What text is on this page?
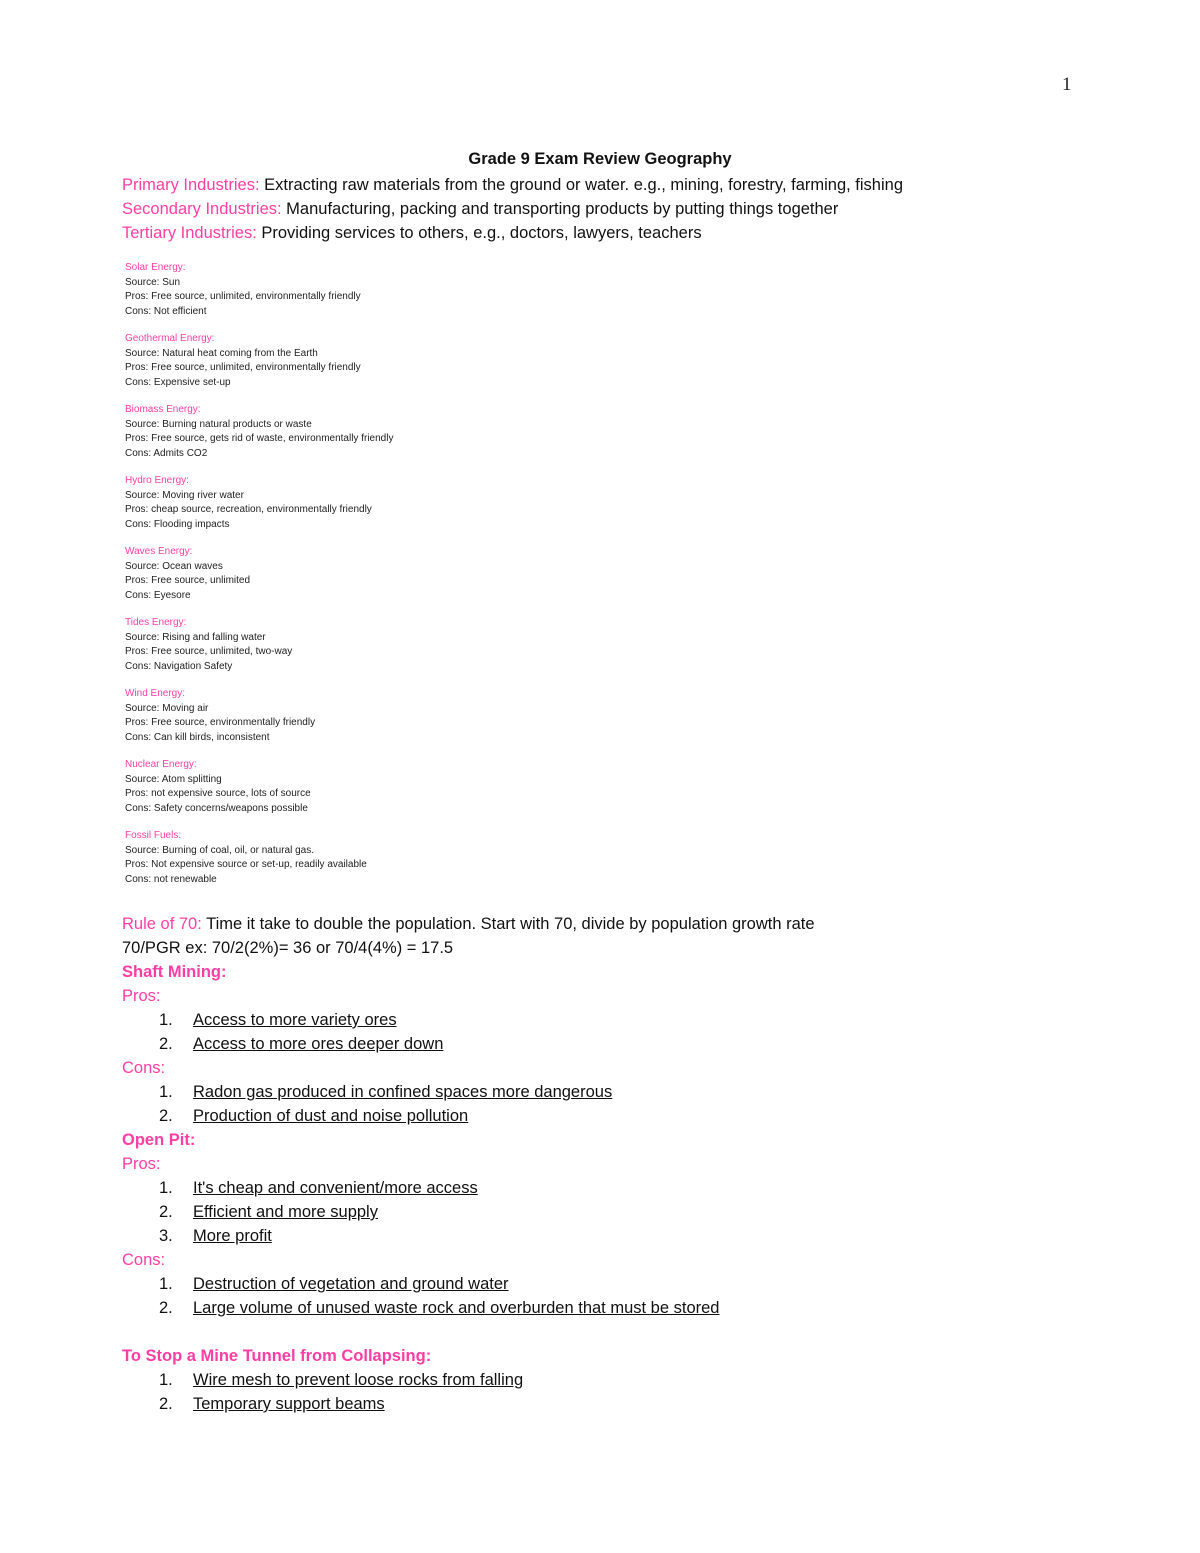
1
Grade 9 Exam Review Geography
Primary Industries: Extracting raw materials from the ground or water. e.g., mining, forestry, farming, fishing
Secondary Industries: Manufacturing, packing and transporting products by putting things together
Tertiary Industries: Providing services to others, e.g., doctors, lawyers, teachers
Solar Energy:
Source: Sun
Pros: Free source, unlimited, environmentally friendly
Cons: Not efficient
Geothermal Energy:
Source: Natural heat coming from the Earth
Pros: Free source, unlimited, environmentally friendly
Cons: Expensive set-up
Biomass Energy:
Source: Burning natural products or waste
Pros: Free source, gets rid of waste, environmentally friendly
Cons: Admits CO2
Hydro Energy:
Source: Moving river water
Pros: cheap source, recreation, environmentally friendly
Cons: Flooding impacts
Waves Energy:
Source: Ocean waves
Pros: Free source, unlimited
Cons: Eyesore
Tides Energy:
Source: Rising and falling water
Pros: Free source, unlimited, two-way
Cons: Navigation Safety
Wind Energy:
Source: Moving air
Pros: Free source, environmentally friendly
Cons: Can kill birds, inconsistent
Nuclear Energy:
Source: Atom splitting
Pros: not expensive source, lots of source
Cons: Safety concerns/weapons possible
Fossil Fuels:
Source: Burning of coal, oil, or natural gas.
Pros: Not expensive source or set-up, readily available
Cons: not renewable
Rule of 70: Time it take to double the population. Start with 70, divide by population growth rate
70/PGR ex: 70/2(2%)= 36 or 70/4(4%) = 17.5
Shaft Mining:
Pros:
1. Access to more variety ores
2. Access to more ores deeper down
Cons:
1. Radon gas produced in confined spaces more dangerous
2. Production of dust and noise pollution
Open Pit:
Pros:
1. It's cheap and convenient/more access
2. Efficient and more supply
3. More profit
Cons:
1. Destruction of vegetation and ground water
2. Large volume of unused waste rock and overburden that must be stored
To Stop a Mine Tunnel from Collapsing:
1. Wire mesh to prevent loose rocks from falling
2. Temporary support beams
